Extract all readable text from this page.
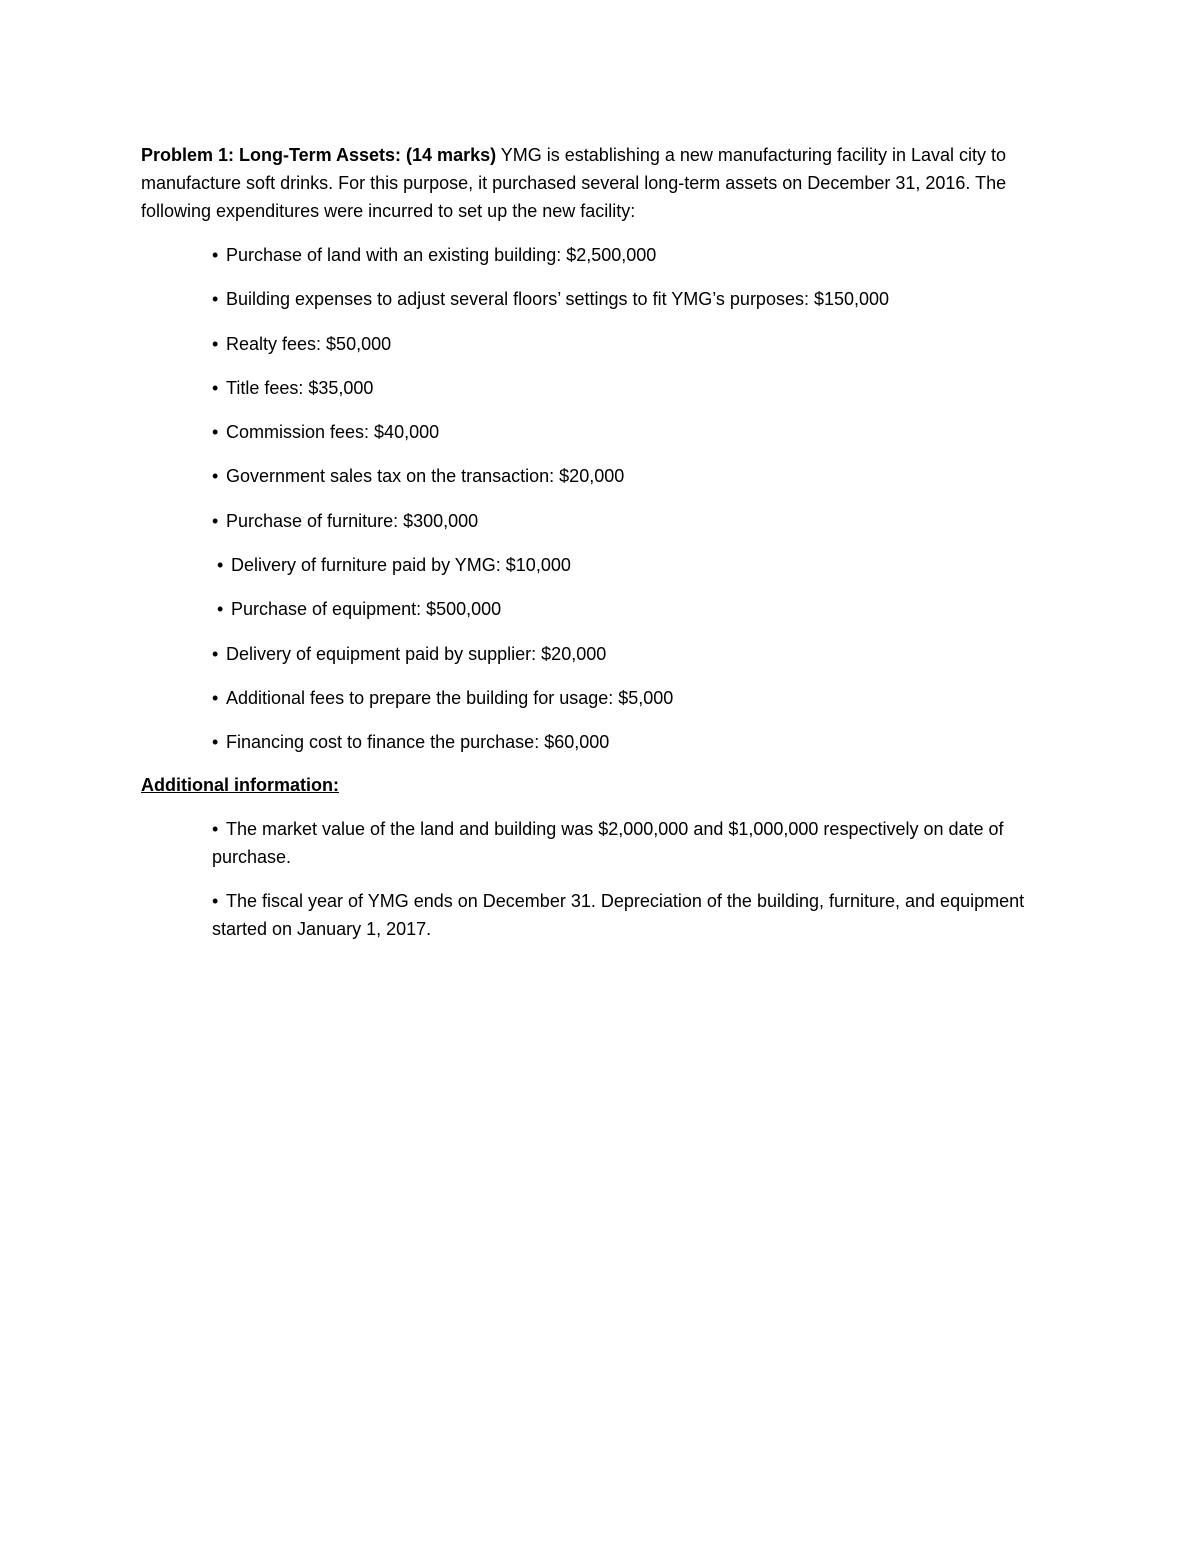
Problem 1: Long-Term Assets: (14 marks) YMG is establishing a new manufacturing facility in Laval city to manufacture soft drinks. For this purpose, it purchased several long-term assets on December 31, 2016. The following expenditures were incurred to set up the new facility:

• Purchase of land with an existing building: $2,500,000
• Building expenses to adjust several floors’ settings to fit YMG’s purposes: $150,000
• Realty fees: $50,000
• Title fees: $35,000
• Commission fees: $40,000
• Government sales tax on the transaction: $20,000
• Purchase of furniture: $300,000
• Delivery of furniture paid by YMG: $10,000
• Purchase of equipment: $500,000
• Delivery of equipment paid by supplier: $20,000
• Additional fees to prepare the building for usage: $5,000
• Financing cost to finance the purchase: $60,000

Additional information:

• The market value of the land and building was $2,000,000 and $1,000,000 respectively on date of purchase.
• The fiscal year of YMG ends on December 31. Depreciation of the building, furniture, and equipment started on January 1, 2017.
